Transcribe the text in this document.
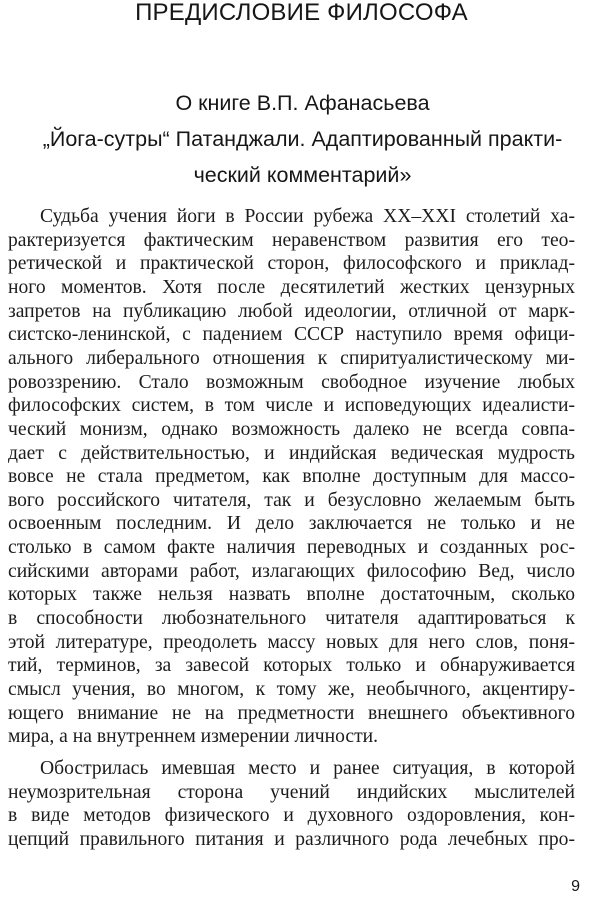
ПРЕДИСЛОВИЕ ФИЛОСОФА
О книге В.П. Афанасьева
„Йога-сутры“ Патанджали. Адаптированный практи-
ческий комментарий»
Судьба учения йоги в России рубежа XX–XXI столетий ха-
рактеризуется фактическим неравенством развития его тео-
ретической и практической сторон, философского и приклад-
ного моментов. Хотя после десятилетий жестких цензурных
запретов на публикацию любой идеологии, отличной от марк-
систско-ленинской, с падением СССР наступило время офици-
ального либерального отношения к спиритуалистическому ми-
ровоззрению. Стало возможным свободное изучение любых
философских систем, в том числе и исповедующих идеалисти-
ческий монизм, однако возможность далеко не всегда совпа-
дает с действительностью, и индийская ведическая мудрость
вовсе не стала предметом, как вполне доступным для массо-
вого российского читателя, так и безусловно желаемым быть
освоенным последним. И дело заключается не только и не
столько в самом факте наличия переводных и созданных рос-
сийскими авторами работ, излагающих философию Вед, число
которых также нельзя назвать вполне достаточным, сколько
в способности любознательного читателя адаптироваться к
этой литературе, преодолеть массу новых для него слов, поня-
тий, терминов, за завесой которых только и обнаруживается
смысл учения, во многом, к тому же, необычного, акцентиру-
ющего внимание не на предметности внешнего объективного
мира, а на внутреннем измерении личности.
Обострилась имевшая место и ранее ситуация, в которой
неумозрительная сторона учений индийских мыслителей
в виде методов физического и духовного оздоровления, кон-
цепций правильного питания и различного рода лечебных про-
9
